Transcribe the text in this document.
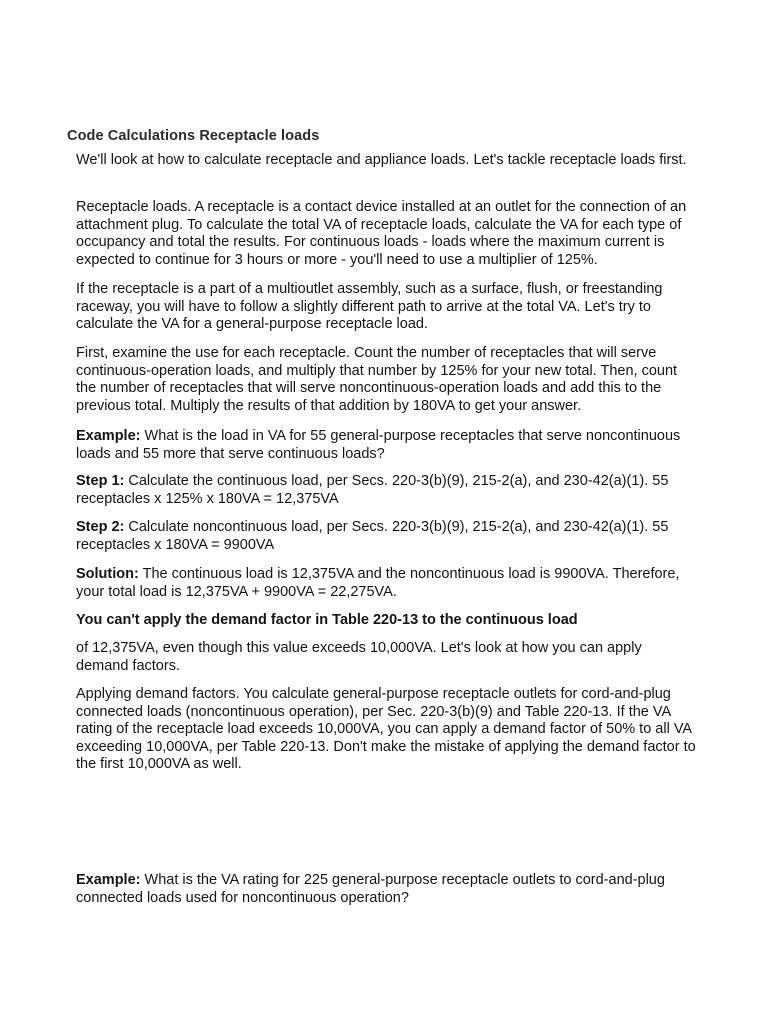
Code Calculations Receptacle loads

We'll look at how to calculate receptacle and appliance loads. Let's tackle receptacle loads first.

Receptacle loads. A receptacle is a contact device installed at an outlet for the connection of an attachment plug. To calculate the total VA of receptacle loads, calculate the VA for each type of occupancy and total the results. For continuous loads - loads where the maximum current is expected to continue for 3 hours or more - you'll need to use a multiplier of 125%.

If the receptacle is a part of a multioutlet assembly, such as a surface, flush, or freestanding raceway, you will have to follow a slightly different path to arrive at the total VA. Let's try to calculate the VA for a general-purpose receptacle load.

First, examine the use for each receptacle. Count the number of receptacles that will serve continuous-operation loads, and multiply that number by 125% for your new total. Then, count the number of receptacles that will serve noncontinuous-operation loads and add this to the previous total. Multiply the results of that addition by 180VA to get your answer.

Example: What is the load in VA for 55 general-purpose receptacles that serve noncontinuous loads and 55 more that serve continuous loads?

Step 1: Calculate the continuous load, per Secs. 220-3(b)(9), 215-2(a), and 230-42(a)(1). 55 receptacles x 125% x 180VA = 12,375VA

Step 2: Calculate noncontinuous load, per Secs. 220-3(b)(9), 215-2(a), and 230-42(a)(1). 55 receptacles x 180VA = 9900VA

Solution: The continuous load is 12,375VA and the noncontinuous load is 9900VA. Therefore, your total load is 12,375VA + 9900VA = 22,275VA.

You can't apply the demand factor in Table 220-13 to the continuous load

of 12,375VA, even though this value exceeds 10,000VA. Let's look at how you can apply demand factors.

Applying demand factors. You calculate general-purpose receptacle outlets for cord-and-plug connected loads (noncontinuous operation), per Sec. 220-3(b)(9) and Table 220-13. If the VA rating of the receptacle load exceeds 10,000VA, you can apply a demand factor of 50% to all VA exceeding 10,000VA, per Table 220-13. Don't make the mistake of applying the demand factor to the first 10,000VA as well.

Example: What is the VA rating for 225 general-purpose receptacle outlets to cord-and-plug connected loads used for noncontinuous operation?
